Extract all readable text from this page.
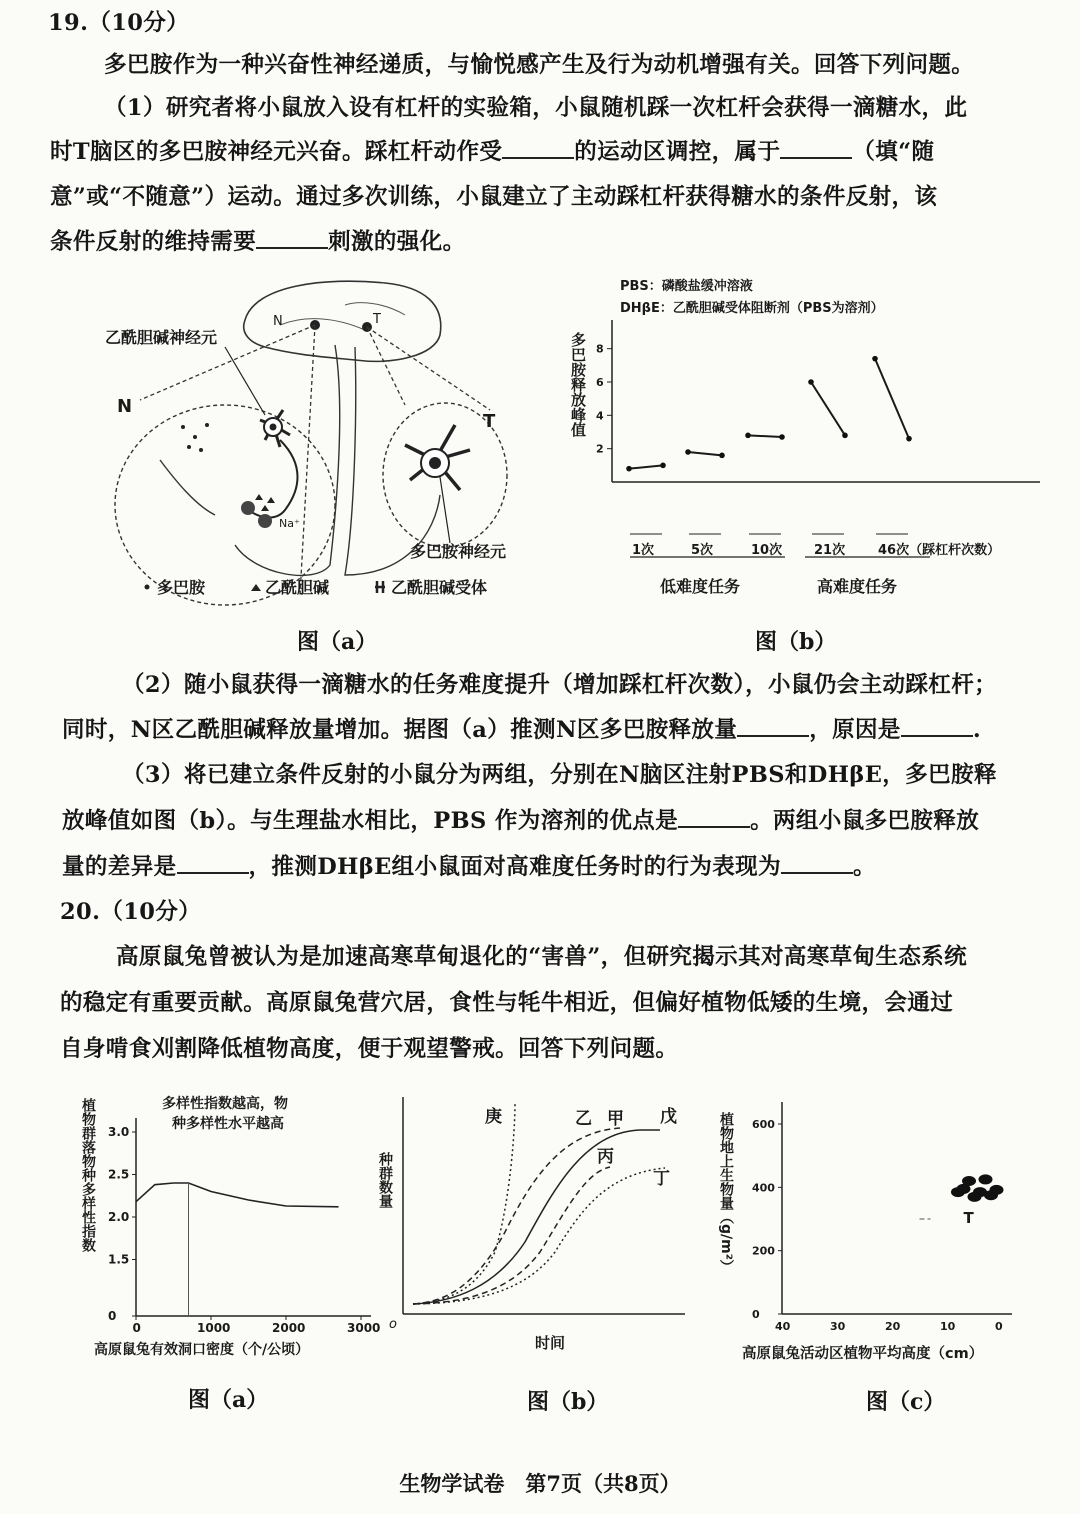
19.（10分）
多巴胺作为一种兴奋性神经递质，与愉悦感产生及行为动机增强有关。回答下列问题。
（1）研究者将小鼠放入设有杠杆的实验箱，小鼠随机踩一次杠杆会获得一滴糖水，此
时T脑区的多巴胺神经元兴奋。踩杠杆动作受	的运动区调控，属于	（填“随
意”或“不随意”）运动。通过多次训练，小鼠建立了主动踩杠杆获得糖水的条件反射，该
条件反射的维持需要	刺激的强化。
N	T
Na⁺
乙酰胆碱神经元
N
T
多巴胺神经元
多巴胺	乙酰胆碱	乙酰胆碱受体
图（a）
PBS：磷酸盐缓冲溶液
DHβE：乙酰胆碱受体阻断剂（PBS为溶剂）
多巴胺释放峰值
2
4
6
8
1次	5次	10次 21次	46次（踩杠杆次数）
低难度任务	高难度任务
图（b）
（2）随小鼠获得一滴糖水的任务难度提升（增加踩杠杆次数），小鼠仍会主动踩杠杆；
同时，N区乙酰胆碱释放量增加。据图（a）推测N区多巴胺释放量	，原因是	.
（3）将已建立条件反射的小鼠分为两组，分别在N脑区注射PBS和DHβE，多巴胺释
放峰值如图（b）。与生理盐水相比，PBS 作为溶剂的优点是	。两组小鼠多巴胺释放
量的差异是	，推测DHβE组小鼠面对高难度任务时的行为表现为	。
20.（10分）
高原鼠兔曾被认为是加速高寒草甸退化的“害兽”，但研究揭示其对高寒草甸生态系统
的稳定有重要贡献。高原鼠兔营穴居，食性与牦牛相近，但偏好植物低矮的生境，会通过
自身啃食刈割降低植物高度，便于观望警戒。回答下列问题。
多样性指数越高，物
种多样性水平越高
植物群落物种多样性指数
0
1.5
2.0
2.5
3.0
0	1000	2000	3000
高原鼠兔有效洞口密度（个/公顷）
图（a）
种群数量
o
庚	乙 甲 戊
丙
丁
时间
图（b）
植物地上生物量（g/m²）
0
200
400
600
40	30	20	10	0
T
高原鼠兔活动区植物平均高度（cm）
图（c）
生物学试卷　第7页（共8页）
